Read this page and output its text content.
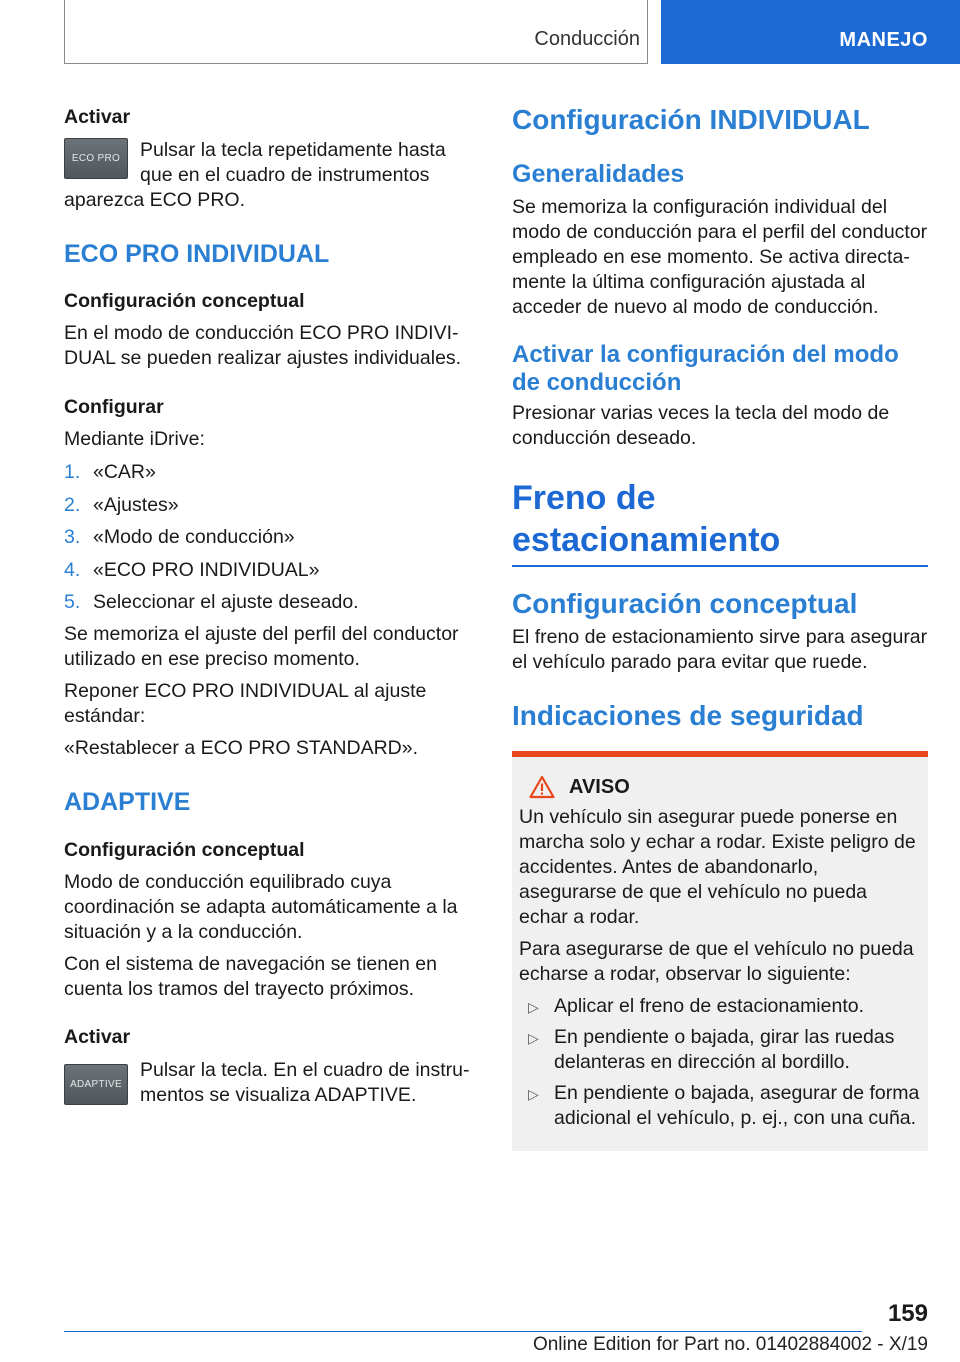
Conducción	MANEJO

Activar

ECO PRO	Pulsar la tecla repetidamente hasta que en el cuadro de instrumentos aparezca ECO PRO.

ECO PRO INDIVIDUAL

Configuración conceptual

En el modo de conducción ECO PRO INDIVIDUAL se pueden realizar ajustes individuales.

Configurar

Mediante iDrive:

1. «CAR»
2. «Ajustes»
3. «Modo de conducción»
4. «ECO PRO INDIVIDUAL»
5. Seleccionar el ajuste deseado.

Se memoriza el ajuste del perfil del conductor utilizado en ese preciso momento.

Reponer ECO PRO INDIVIDUAL al ajuste estándar:

«Restablecer a ECO PRO STANDARD».

ADAPTIVE

Configuración conceptual

Modo de conducción equilibrado cuya coordinación se adapta automáticamente a la situación y a la conducción.

Con el sistema de navegación se tienen en cuenta los tramos del trayecto próximos.

Activar

ADAPTIVE

Pulsar la tecla. En el cuadro de instrumentos se visualiza ADAPTIVE.

Configuración INDIVIDUAL
Generalidades

Se memoriza la configuración individual del modo de conducción para el perfil del conductor empleado en ese momento. Se activa directamente la última configuración ajustada al acceder de nuevo al modo de conducción.

Activar la configuración del modo de conducción

Presionar varias veces la tecla del modo de conducción deseado.

Freno de estacionamiento
Configuración conceptual

El freno de estacionamiento sirve para asegurar el vehículo parado para evitar que ruede.

Indicaciones de seguridad
AVISO

Un vehículo sin asegurar puede ponerse en marcha solo y echar a rodar. Existe peligro de accidentes. Antes de abandonarlo, asegurarse de que el vehículo no pueda echar a rodar.

Para asegurarse de que el vehículo no pueda echarse a rodar, observar lo siguiente:

▷ Aplicar el freno de estacionamiento.
▷ En pendiente o bajada, girar las ruedas delanteras en dirección al bordillo.
▷ En pendiente o bajada, asegurar de forma adicional el vehículo, p. ej., con una cuña.
159
Online Edition for Part no. 01402884002 - X/19
